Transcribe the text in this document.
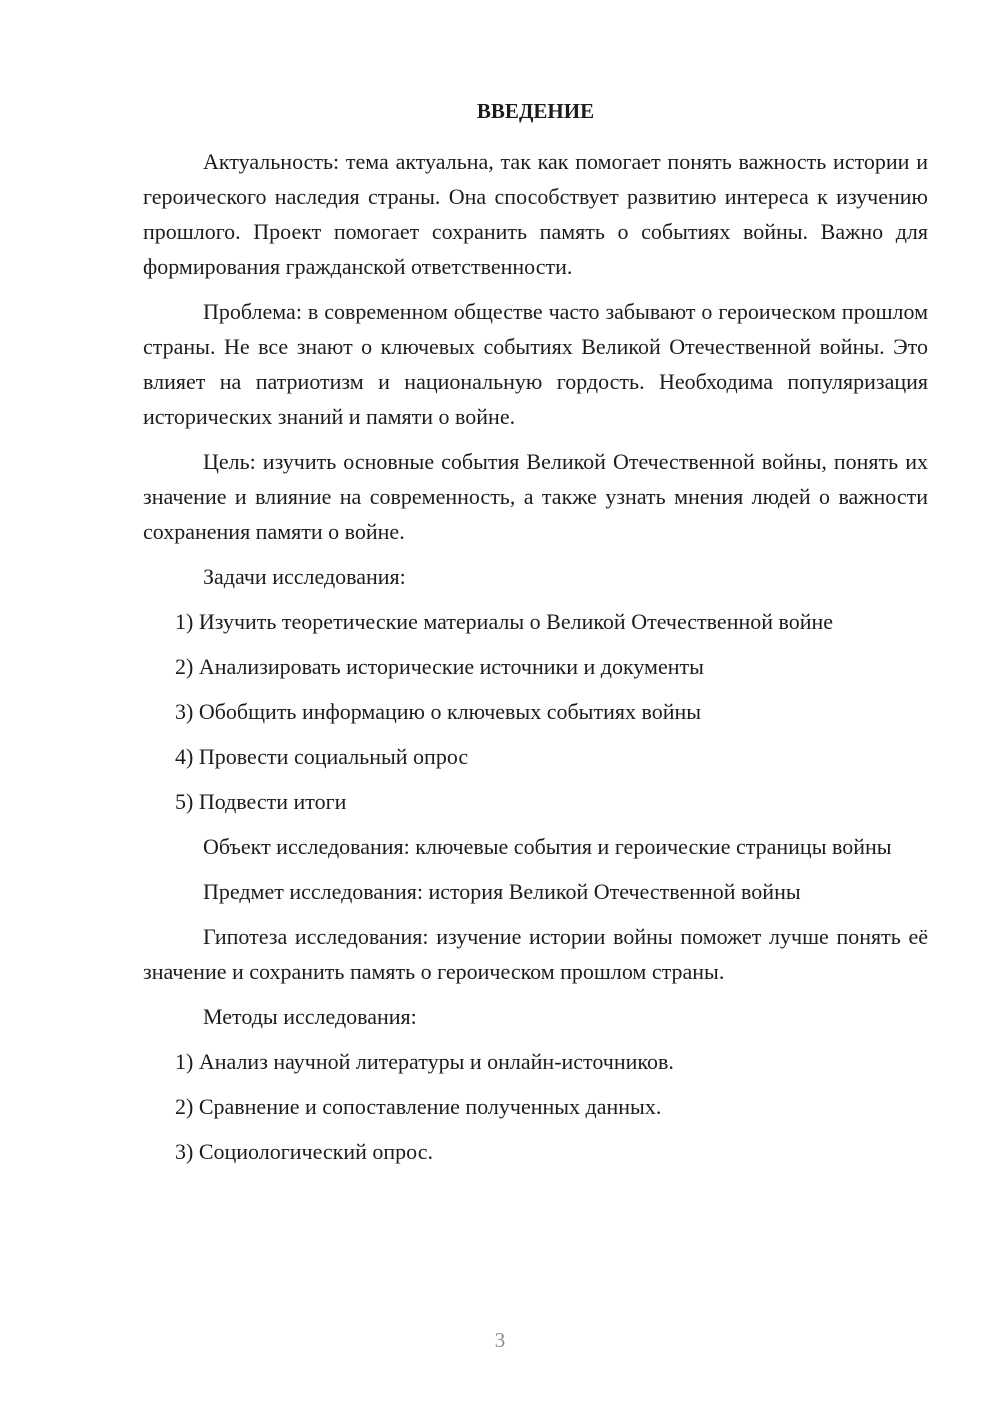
ВВЕДЕНИЕ

Актуальность: тема актуальна, так как помогает понять важность истории и героического наследия страны. Она способствует развитию интереса к изучению прошлого. Проект помогает сохранить память о событиях войны. Важно для формирования гражданской ответственности.

Проблема: в современном обществе часто забывают о героическом прошлом страны. Не все знают о ключевых событиях Великой Отечественной войны. Это влияет на патриотизм и национальную гордость. Необходима популяризация исторических знаний и памяти о войне.

Цель: изучить основные события Великой Отечественной войны, понять их значение и влияние на современность, а также узнать мнения людей о важности сохранения памяти о войне.

Задачи исследования:

1) Изучить теоретические материалы о Великой Отечественной войне
2) Анализировать исторические источники и документы
3) Обобщить информацию о ключевых событиях войны
4) Провести социальный опрос
5) Подвести итоги

Объект исследования: ключевые события и героические страницы войны

Предмет исследования: история Великой Отечественной войны

Гипотеза исследования: изучение истории войны поможет лучше понять её значение и сохранить память о героическом прошлом страны.

Методы исследования:

1) Анализ научной литературы и онлайн-источников.
2) Сравнение и сопоставление полученных данных.
3) Социологический опрос.
3
